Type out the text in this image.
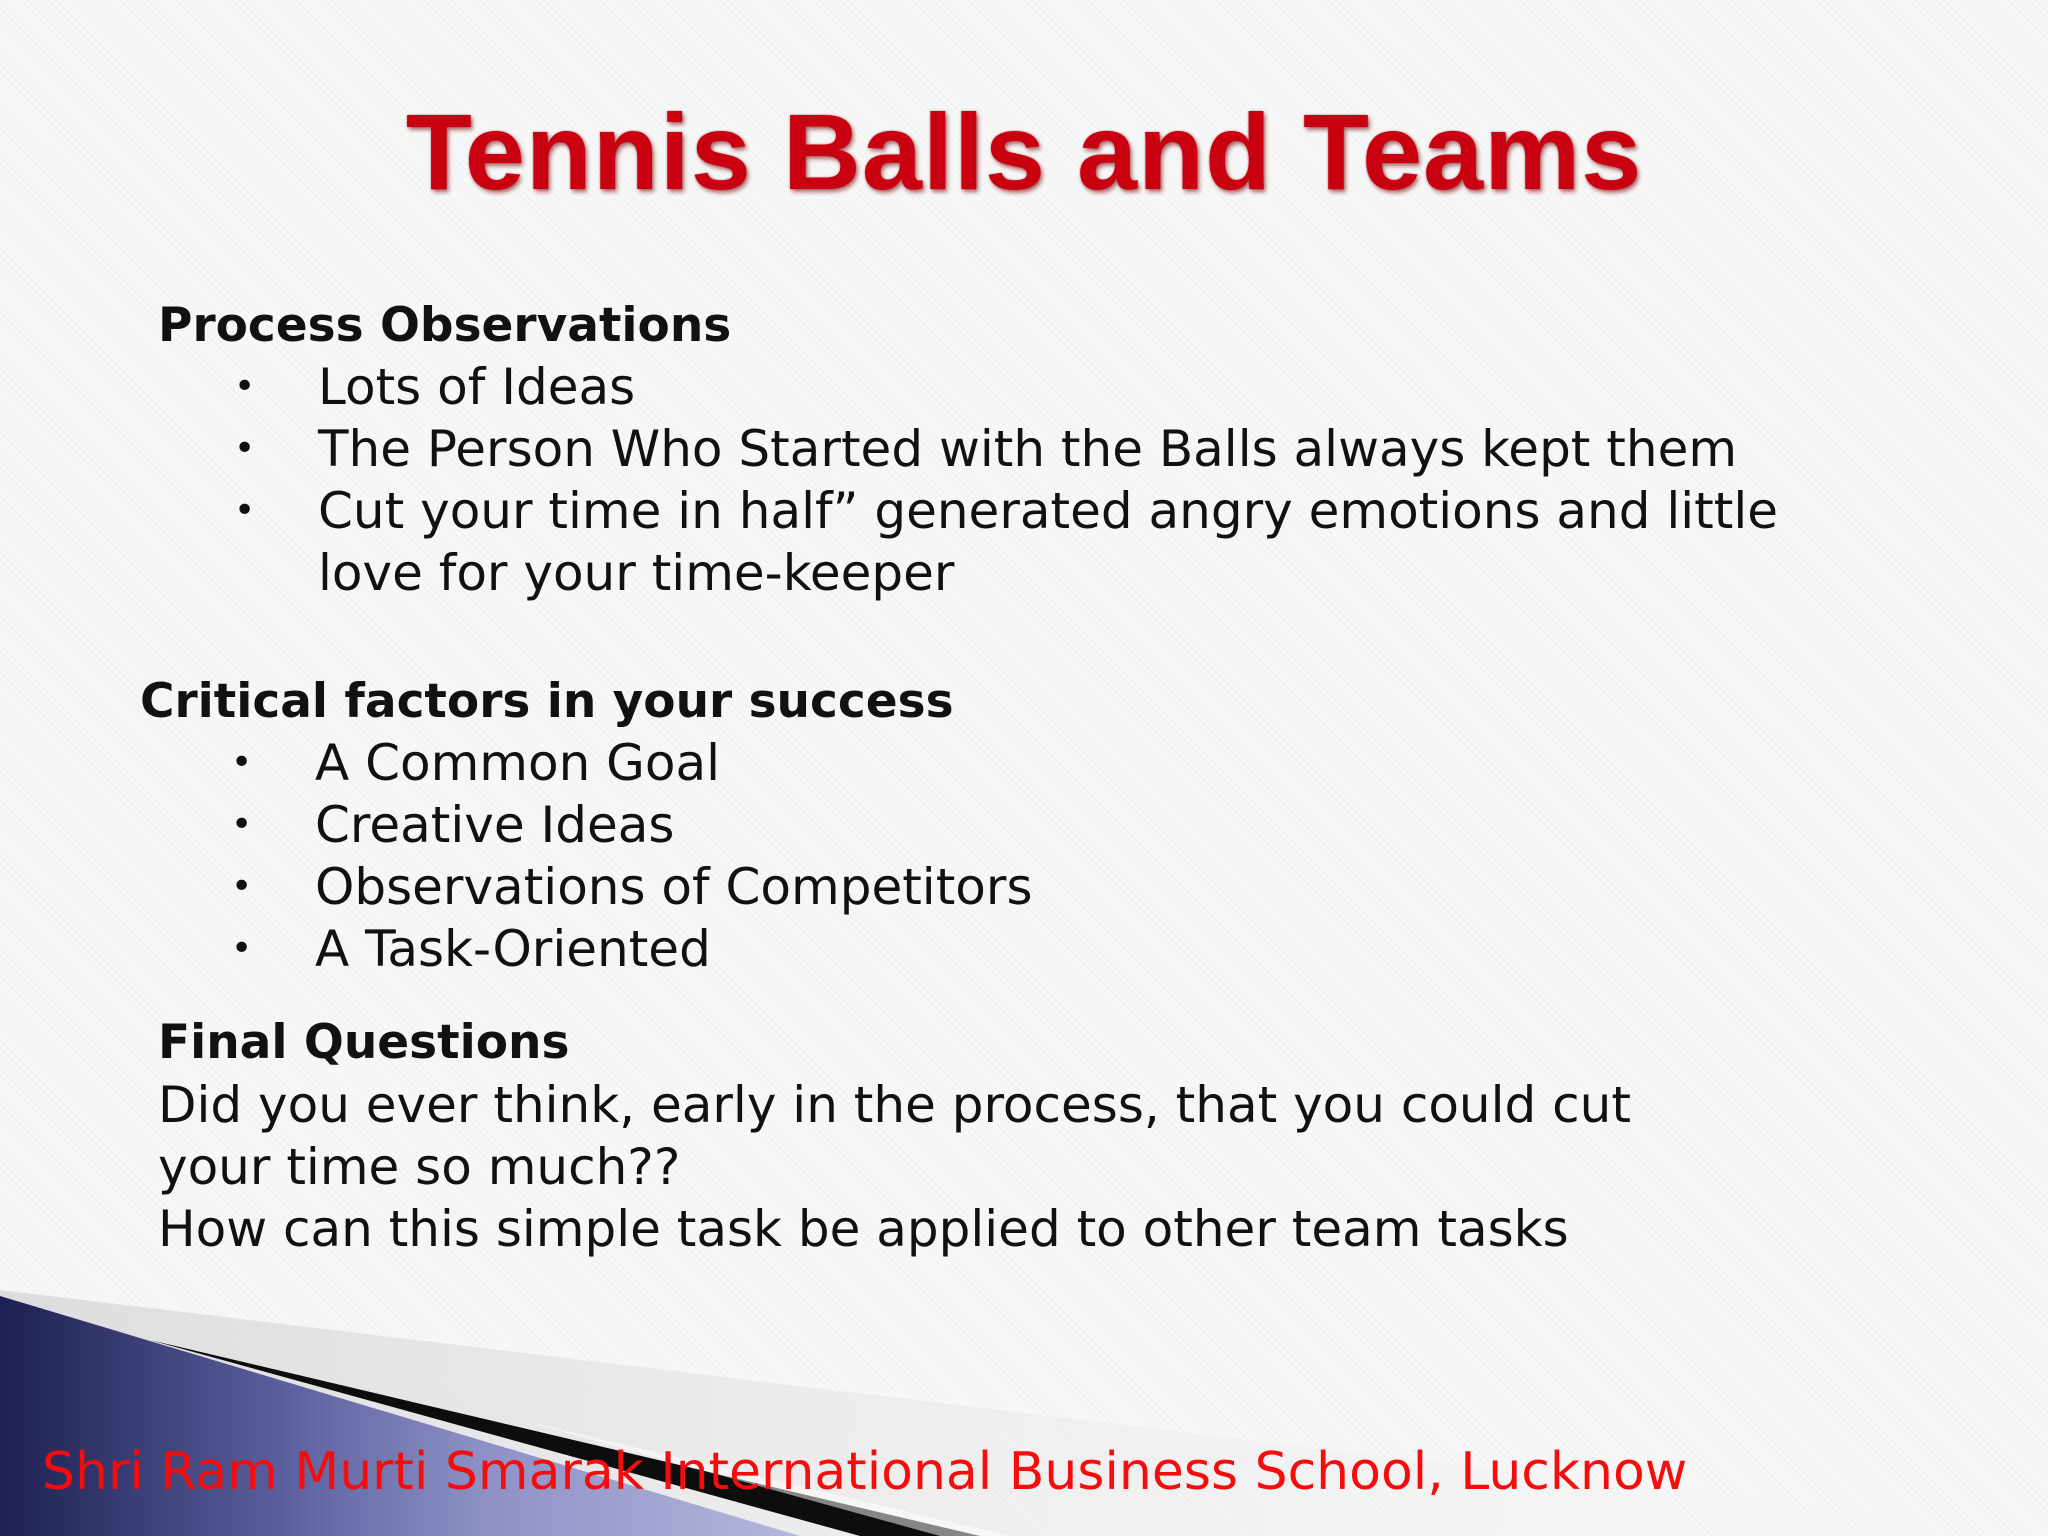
Tennis Balls and Teams
Process Observations
• Lots of Ideas
• The Person Who Started with the Balls always kept them
• Cut your time in half” generated angry emotions and little love for your time-keeper
Critical factors in your success
• A Common Goal
• Creative Ideas
• Observations of Competitors
• A Task-Oriented
Final Questions

Did you ever think, early in the process, that you could cut your time so much??

How can this simple task be applied to other team tasks

Shri Ram Murti Smarak International Business School, Lucknow
